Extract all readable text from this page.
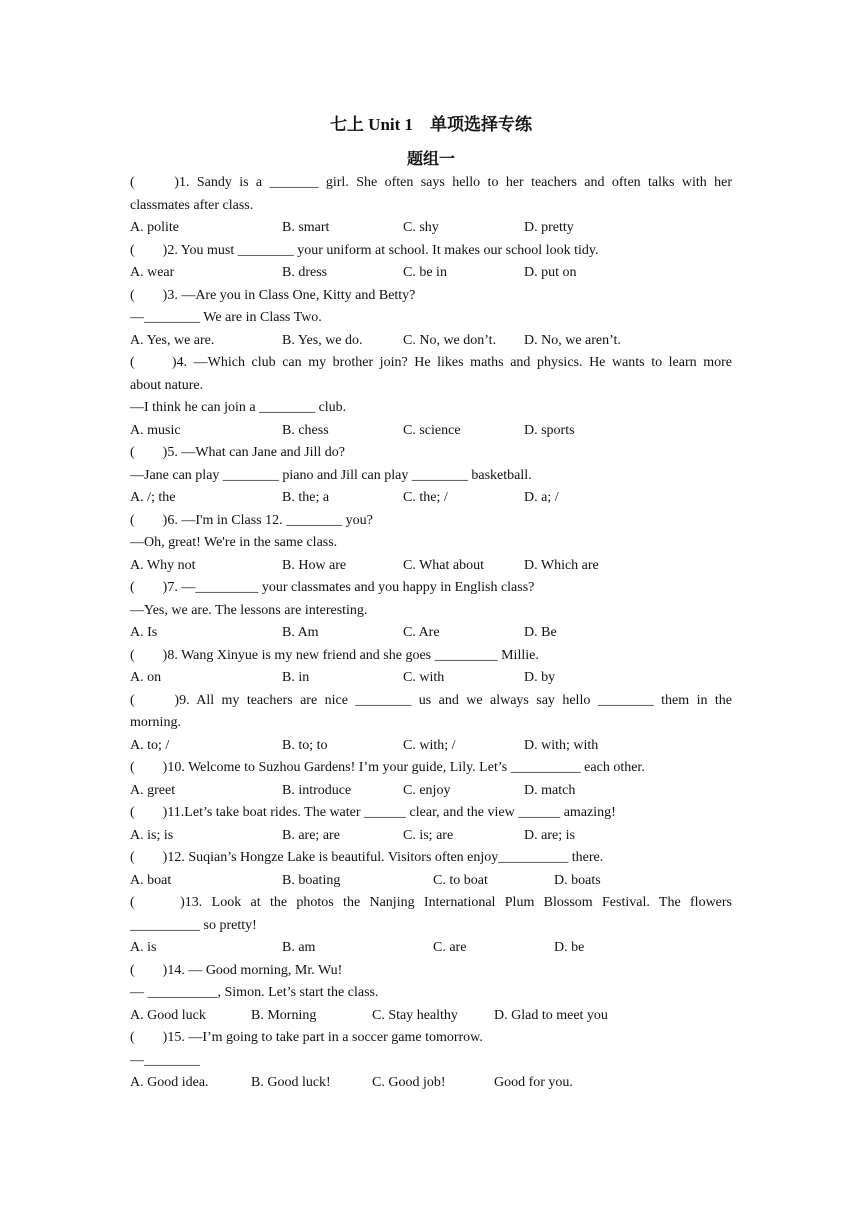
七上 Unit 1　单项选择专练
题组一
(　　)1. Sandy is a _______ girl. She often says hello to her teachers and often talks with her
classmates after class.
A. polite	B. smart	C. shy	D. pretty
(　　)2. You must ________ your uniform at school. It makes our school look tidy.
A. wear	B. dress	C. be in	D. put on
(　　)3. —Are you in Class One, Kitty and Betty?
—________ We are in Class Two.
A. Yes, we are.	B. Yes, we do.	C. No, we don’t. D. No, we aren’t.
(　　)4. —Which club can my brother join? He likes maths and physics. He wants to learn more
about nature.
—I think he can join a ________ club.
A. music	B. chess	C. science	D. sports
(　　)5. —What can Jane and Jill do?
—Jane can play ________ piano and Jill can play ________ basketball.
A. /; the	B. the; a	C. the; /	D. a; /
(　　)6. —I'm in Class 12. ________ you?
—Oh, great! We're in the same class.
A. Why not	B. How are	C. What about	D. Which are
(　　)7. —_________ your classmates and you happy in English class?
—Yes, we are. The lessons are interesting.
A. Is	B. Am	C. Are	D. Be
(　　)8. Wang Xinyue is my new friend and she goes _________ Millie.
A. on	B. in	C. with	D. by
(　　)9. All my teachers are nice ________ us and we always say hello ________ them in the
morning.
A. to; /	B. to; to	C. with; /	D. with; with
(　　)10. Welcome to Suzhou Gardens! I’m your guide, Lily. Let’s __________ each other.
A. greet	B. introduce	C. enjoy	D. match
(　　)11.Let’s take boat rides. The water ______ clear, and the view ______ amazing!
A. is; is	B. are; are	C. is; are	D. are; is
(　　)12. Suqian’s Hongze Lake is beautiful. Visitors often enjoy__________ there.
A. boat	B. boating	C. to boat	D. boats
(　　)13. Look at the photos the Nanjing International Plum Blossom Festival. The flowers
__________ so pretty!
A. is	B. am	C. are	D. be
(　　)14. — Good morning, Mr. Wu!
— __________, Simon. Let’s start the class.
A. Good luck	B. Morning	C. Stay healthy	D. Glad to meet you
(　　)15. —I’m going to take part in a soccer game tomorrow.
—________
A. Good idea.	B. Good luck!	C. Good job!	Good for you.
